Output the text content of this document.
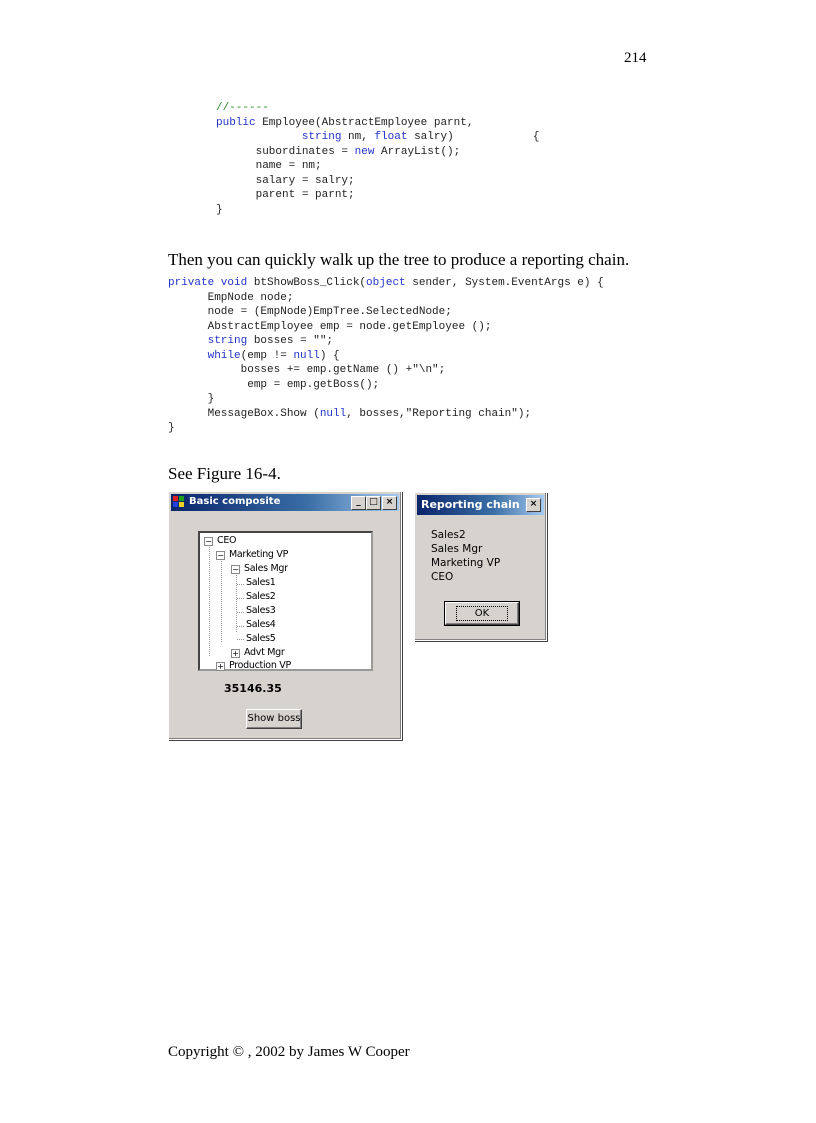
214
//------
public Employee(AbstractEmployee parnt,
string nm, float salry)            {
subordinates = new ArrayList();
name = nm;
salary = salry;
parent = parnt;
}
Then you can quickly walk up the tree to produce a reporting chain.
private void btShowBoss_Click(object sender, System.EventArgs e) {
EmpNode node;
node = (EmpNode)EmpTree.SelectedNode;
AbstractEmployee emp = node.getEmployee ();
string bosses = "";
while(emp != null) {
bosses += emp.getName () +"\n";
emp = emp.getBoss();
}
MessageBox.Show (null, bosses,"Reporting chain");
}
See Figure 16-4.
Basic composite	_ □ ×
− CEO
− Marketing VP
− Sales Mgr
Sales1
Sales2
Sales3
Sales4
Sales5
+ Advt Mgr
+ Production VP
35146.35
Show boss
Reporting chain	×
Sales2
Sales Mgr
Marketing VP
CEO
OK
Copyright © , 2002 by James W Cooper
